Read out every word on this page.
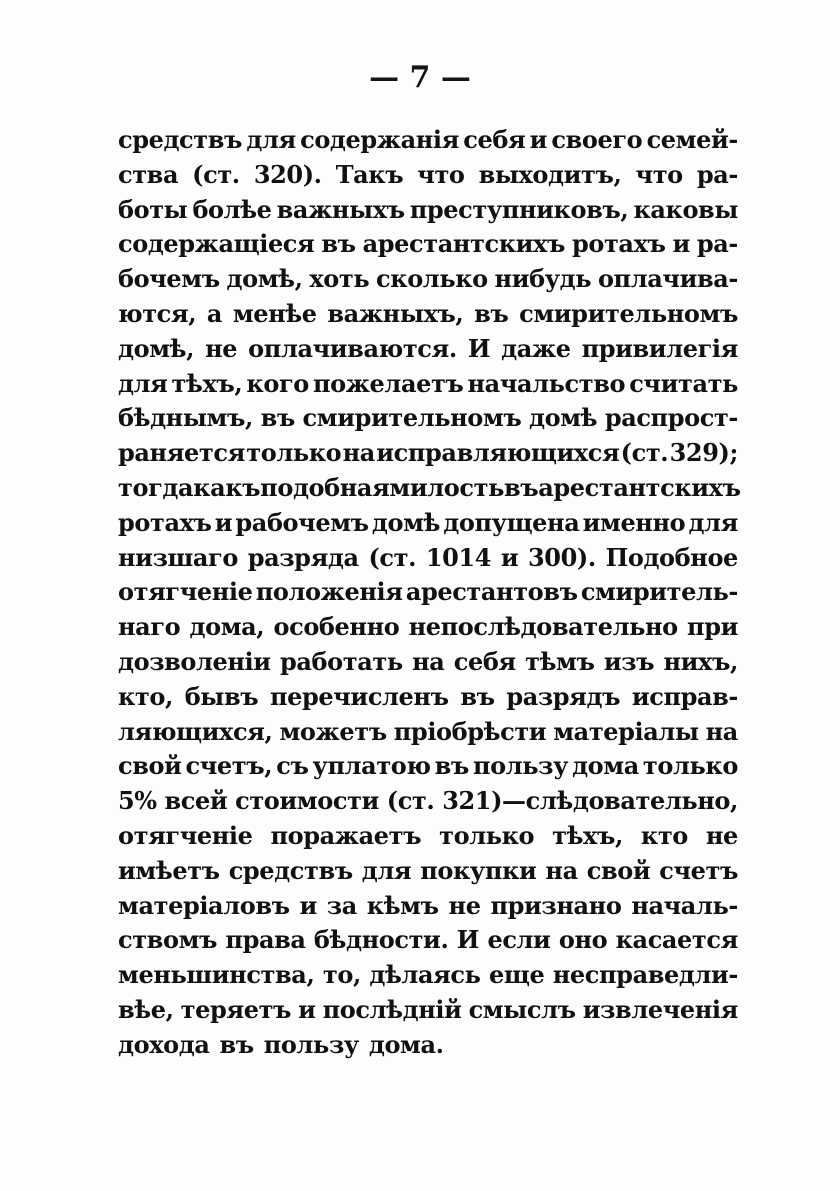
— 7 —
средствъ для содержанія себя и своего семей-
ства (ст. 320). Такъ что выходитъ, что ра-
боты болѣе важныхъ преступниковъ, каковы
содержащіеся въ арестантскихъ ротахъ и ра-
бочемъ домѣ, хоть сколько нибудь оплачива-
ются, а менѣе важныхъ, въ смирительномъ
домѣ, не оплачиваются. И даже привилегія
для тѣхъ, кого пожелаетъ начальство считать
бѣднымъ, въ смирительномъ домѣ распрост-
раняется только на исправляющихся (ст. 329);
тогда какъ подобная милость въ арестантскихъ
ротахъ и рабочемъ домѣ допущена именно для
низшаго разряда (ст. 1014 и 300). Подобное
отягченіе положенія арестантовъ смиритель-
наго дома, особенно непослѣдовательно при
дозволеніи работать на себя тѣмъ изъ нихъ,
кто, бывъ перечисленъ въ разрядъ исправ-
ляющихся, можетъ пріобрѣсти матеріалы на
свой счетъ, съ уплатою въ пользу дома только
5% всей стоимости (ст. 321)—слѣдовательно,
отягченіе поражаетъ только тѣхъ, кто не
имѣетъ средствъ для покупки на свой счетъ
матеріаловъ и за кѣмъ не признано началь-
ствомъ права бѣдности. И если оно касается
меньшинства, то, дѣлаясь еще несправедли-
вѣе, теряетъ и послѣдній смыслъ извлеченія
дохода въ пользу дома.
